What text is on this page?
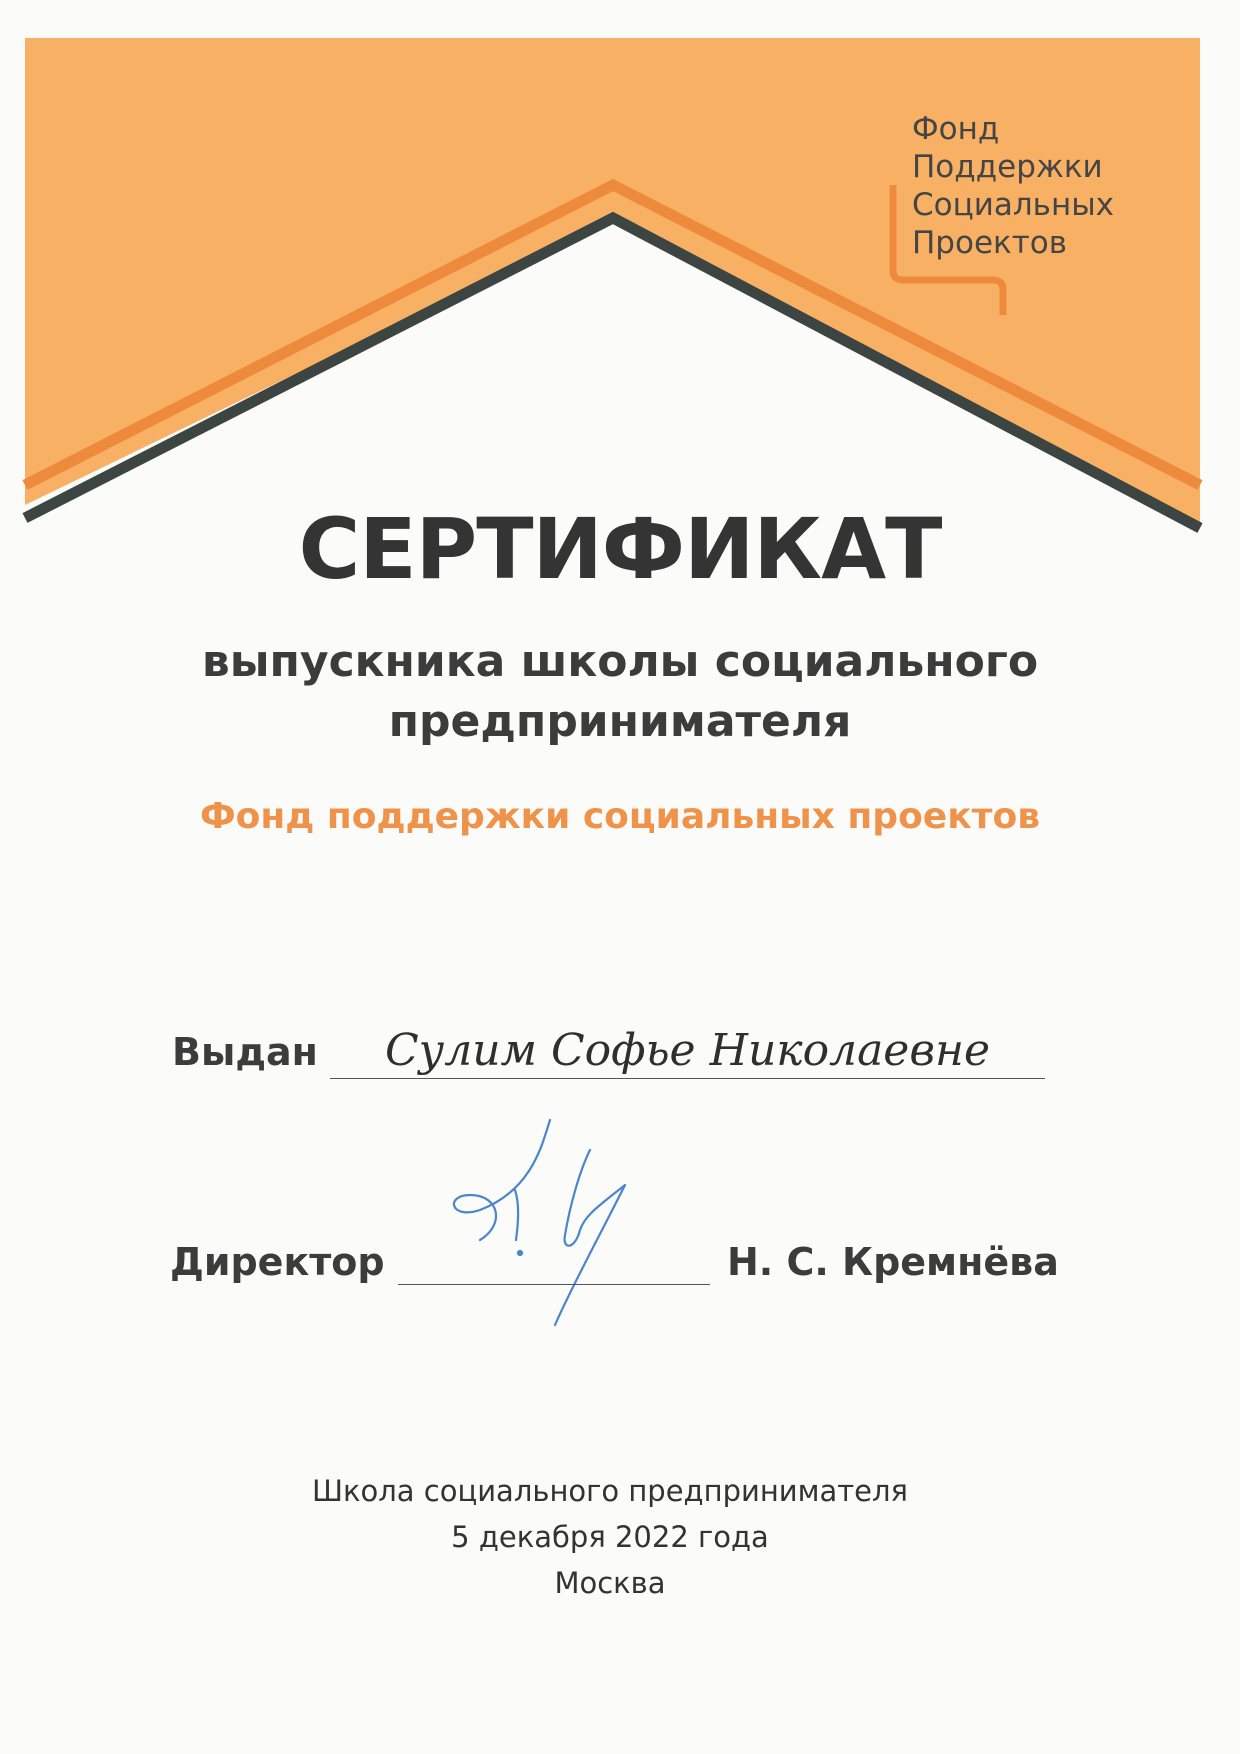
Фонд
Поддержки
Социальных
Проектов
СЕРТИФИКАТ
выпускника школы социального
предпринимателя
Фонд поддержки социальных проектов
Выдан	Сулим Софье Николаевне
Директор	Н. С. Кремнёва
Школа социального предпринимателя
5 декабря 2022 года
Москва
